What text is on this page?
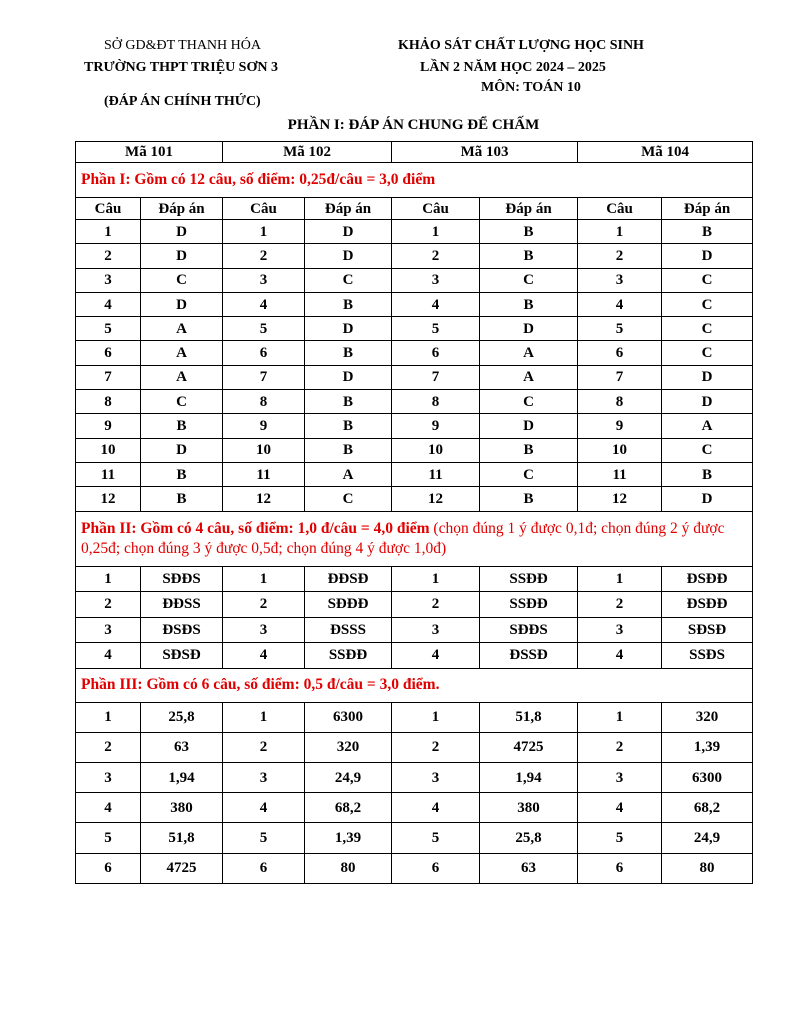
SỞ GD&ĐT THANH HÓA
TRƯỜNG THPT TRIỆU SƠN 3
(ĐÁP ÁN CHÍNH THỨC)
KHẢO SÁT CHẤT LƯỢNG HỌC SINH
LẦN 2 NĂM HỌC 2024 – 2025
MÔN: TOÁN 10
PHẦN I: ĐÁP ÁN CHUNG ĐỂ CHẤM
Mã 101		Mã 102		Mã 103		Mã 104	
Phần I: Gồm có 12 câu, số điểm: 0,25đ/câu = 3,0 điểm							
Câu	Đáp án	Câu	Đáp án	Câu	Đáp án	Câu	Đáp án
1	D	1	D	1	B	1	B
2	D	2	D	2	B	2	D
3	C	3	C	3	C	3	C
4	D	4	B	4	B	4	C
5	A	5	D	5	D	5	C
6	A	6	B	6	A	6	C
7	A	7	D	7	A	7	D
8	C	8	B	8	C	8	D
9	B	9	B	9	D	9	A
10	D	10	B	10	B	10	C
11	B	11	A	11	C	11	B
12	B	12	C	12	B	12	D
Phần II: Gồm có 4 câu, số điểm: 1,0 đ/câu = 4,0 điểm (chọn đúng 1 ý được 0,1đ; chọn đúng 2 ý được 0,25đ; chọn đúng 3 ý được 0,5đ; chọn đúng 4 ý được 1,0đ)							
1	SĐĐS	1	ĐĐSĐ	1	SSĐĐ	1	ĐSĐĐ
2	ĐĐSS	2	SĐĐĐ	2	SSĐĐ	2	ĐSĐĐ
3	ĐSĐS	3	ĐSSS	3	SĐĐS	3	SĐSĐ
4	SĐSĐ	4	SSĐĐ	4	ĐSSĐ	4	SSĐS
Phần III: Gồm có 6 câu, số điểm: 0,5 đ/câu = 3,0 điểm.							
1	25,8	1	6300	1	51,8	1	320
2	63	2	320	2	4725	2	1,39
3	1,94	3	24,9	3	1,94	3	6300
4	380	4	68,2	4	380	4	68,2
5	51,8	5	1,39	5	25,8	5	24,9
6	4725	6	80	6	63	6	80
